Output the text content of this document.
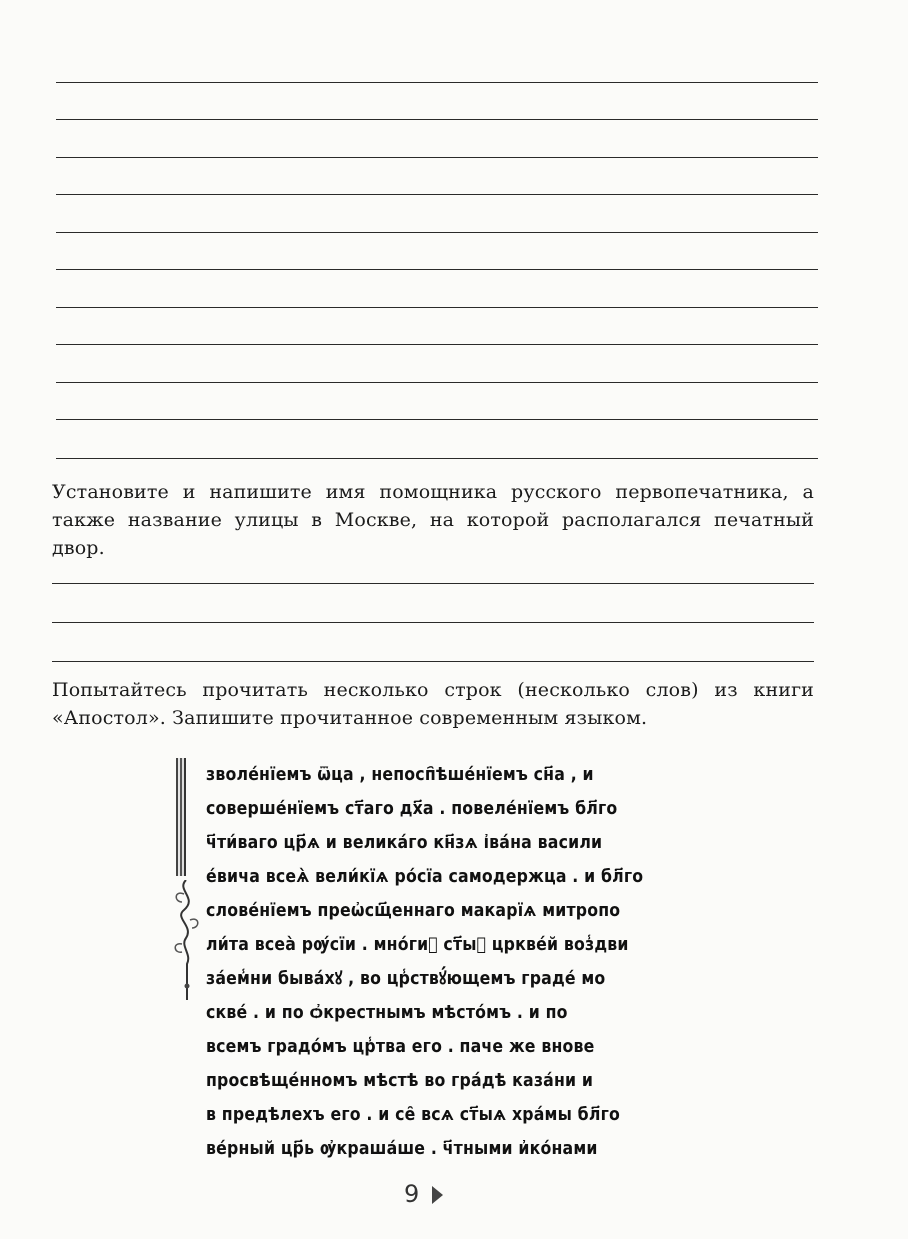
Установите и напишите имя помощника русского первопечатника, а также название улицы в Москве, на которой располагался печатный двор.
Попытайтесь прочитать несколько строк (несколько слов) из книги «Апостол». Запишите прочитанное современным языком.
зволе́нїемъ ѿца , непосп҄ѣше́нїемъ сн҃а , и
соверше́нїемъ ст҃аго дх҃а . повеле́нїемъ бл҃го
ч҃ти́ваго цр҃ѧ и велика́го кн҃зѧ і҆ва́на васили
е́вича всеѧ̀ вели́кїѧ ро́сїа самодержца . и бл҃го
слове́нїемъ преѡ҆сщ҃еннаго макарїѧ митропо
ли́та всеа̀ рѹ́сїи . мно́гиⷯ ст҃ыⷯ цркве́й воз̾дви
за́ем̾ни быва́хꙋ , во цр̾ствꙋ́ющемъ граде́ мо
скве́ . и по ѻ҆крестнымъ мѣсто́мъ . и по
всемъ градо́мъ цр̾тва его . паче же внове
просвѣще́нномъ мѣстѣ во гра́дѣ каза́ни и
в предѣлехъ его . и се̑ всѧ ст҃ыѧ хра́мы бл҃го
ве́рный цр҃ь ѹ҆краша́ше . ч҃тными и҆ко́нами
9
